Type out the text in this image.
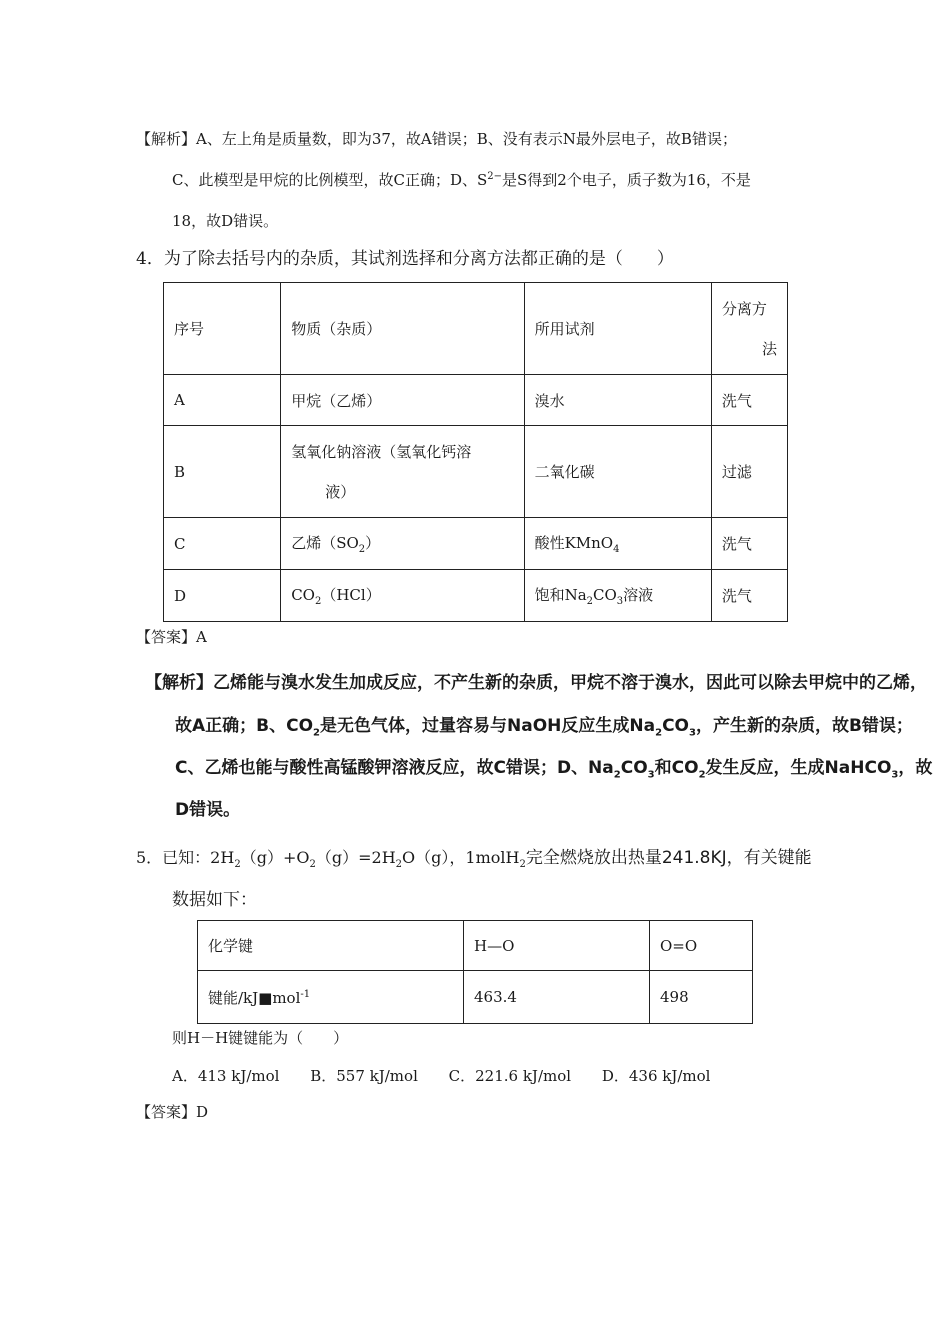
【解析】A、左上角是质量数，即为37，故A错误；B、没有表示N最外层电子，故B错误；
C、此模型是甲烷的比例模型，故C正确；D、$S^{2-}$是S得到2个电子，质子数为16，不是
18，故D错误。
4．为了除去括号内的杂质，其试剂选择和分离方法都正确的是（　　）
序号	物质（杂质）	所用试剂	分离方
法

A	甲烷（乙烯）	溴水	洗气
B	氢氧化钠溶液（氢氧化钙溶
液）	二氧化碳	过滤
C	乙烯$(SO_2)$	酸性KMnO$_4$	洗气
D	$CO_2(HCl)$	饱和$Na_2CO_3$溶液	洗气
【答案】A
【解析】乙烯能与溴水发生加成反应，不产生新的杂质，甲烷不溶于溴水，因此可以除去甲烷中的乙烯，
故A正确；B、$CO_2$是无色气体，过量容易与NaOH反应生成$Na_2CO_3$，产生新的杂质，故B错误；
C、乙烯也能与酸性高锰酸钾溶液反应，故C错误；D、$Na_2CO_3$和$CO_2$发生反应，生成NaHCO$_3$，故
D错误。
5．已知：$2H_2(g)+O_2(g)=2H_2O(g)$，1molH$_2$完全燃烧放出热量241.8KJ，有关键能
数据如下：
化学键	H—O	O=O
键能/kJ■mol$^{-1}$	463.4	498
则H－H键键能为（　　）
A．413 kJ/mol B．557 kJ/mol C．221.6 kJ/mol D．436 kJ/mol
【答案】D
